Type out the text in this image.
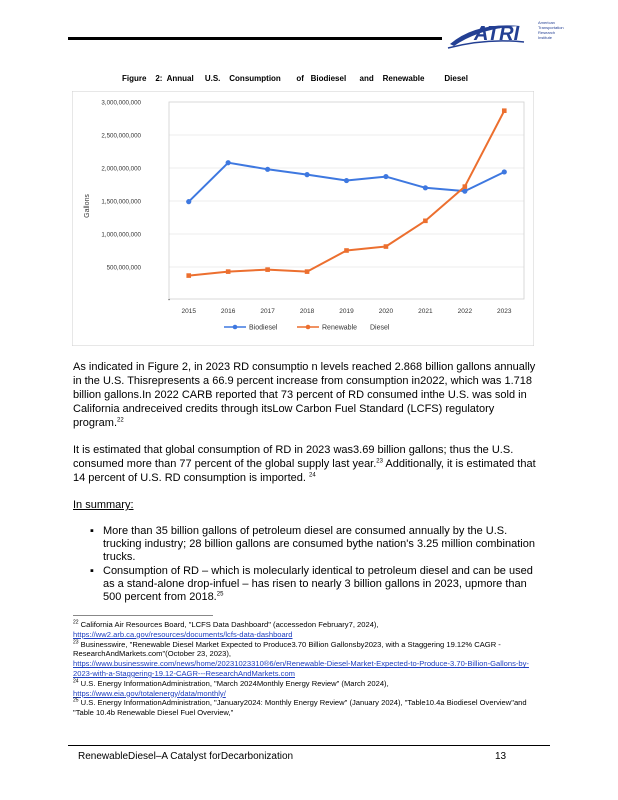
ATRI
American
Transportation
Research
Institute
Figure    2:  Annual     U.S.    Consumption       of   Biodiesel      and    Renewable         Diesel
-
Gallons
500,000,000
1,000,000,000
1,500,000,000
2,000,000,000
2,500,000,000
3,000,000,000
2015	2016	2017	2018	2019	2020	2021	2022	2023
Biodiesel	Renewable Diesel
As indicated in Figure 2, in 2023 RD consumptio n levels reached 2.868 billion gallons annually in the U.S. Thisrepresents a 66.9 percent increase from consumption in2022, which was 1.718 billion gallons.In 2022 CARB reported that 73 percent of RD consumed inthe U.S. was sold in California andreceived credits through itsLow Carbon Fuel Standard (LCFS) regulatory program.$^{22}$
It is estimated that global consumption of RD in 2023 was3.69 billion gallons; thus the U.S. consumed more than 77 percent of the global supply last year.$^{23}$ Additionally, it is estimated that 14 percent of U.S. RD consumption is imported. $^{24}$
In summary:
▪ More than 35 billion gallons of petroleum diesel are consumed annually by the U.S. trucking industry; 28 billion gallons are consumed bythe nation's 3.25 million combination trucks.
▪ Consumption of RD – which is molecularly identical to petroleum diesel and can be used as a stand-alone drop-infuel – has risen to nearly 3 billion gallons in 2023, upmore than 500 percent from 2018.25
$^{22}$ California Air Resources Board, "LCFS Data Dashboard" (accessedon February7, 2024),
https://ww2.arb.ca.gov/resources/documents/lcfs-data-dashboard
$^{23}$ Businesswire, "Renewable Diesel Market Expected to Produce3.70 Billion Gallonsby2023, with a Staggering 19.12% CAGR - ResearchAndMarkets.com"(October 23, 2023),
https://www.businesswire.com/news/home/20231023310®6/en/Renewable-Diesel-Market-Expected-to-Produce-3.70-Billion-Gallons-by-2023-with-a-Staggering-19.12-CAGR---ResearchAndMarkets.com
$^{24}$ U.S. Energy InformationAdministration, "March 2024Monthly Energy Review" (March 2024),
https://www.eia.gov/totalenergy/data/monthly/
$^{25}$ U.S. Energy InformationAdministration, "January2024: Monthly Energy Review" (January 2024), "Table10.4a Biodiesel Overview"and "Table 10.4b Renewable Diesel Fuel Overview,"
RenewableDiesel–A Catalyst forDecarbonization	13
